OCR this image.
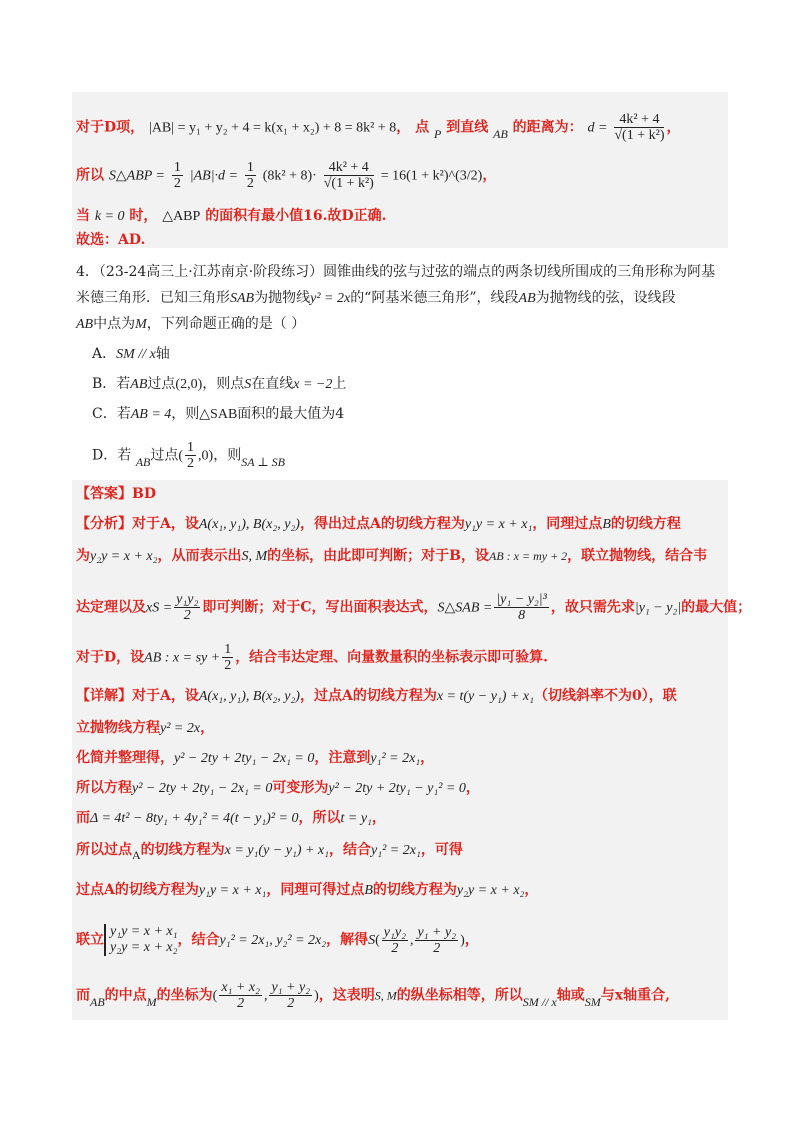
对于D项， |AB| = y₁ + y₂ + 4 = k(x₁ + x₂) + 8 = 8k² + 8， 点 P 到直线 AB 的距离为： $d = \frac{\text{4k² + 4}}{\text{√(1 + k²)}}$ ，
所以 S△ABP = $\frac{1}{2} |AB|\cdot d = \frac{1}{2} (8k^2 + 8)\cdot \frac{\text{4k² + 4}}{\text{√(1 + k²)}} = 16(1$ + k²)^(3/2)，
当 k = 0 时， △ABP 的面积有最小值16.故D正确.
故选：AD.
4．（23-24高三上·江苏南京·阶段练习）圆锥曲线的弦与过弦的端点的两条切线所围成的三角形称为阿基
米德三角形．已知三角形SAB为抛物线y² = 2x的“阿基米德三角形”，线段AB为抛物线的弦，设线段
AB中点为M，下列命题正确的是（ ）
A．SM // x轴
B．若AB过点(2,0)，则点S在直线x = −2上
C．若AB = 4，则△SAB面积的最大值为4
D．若 AB过点( $\frac{1}{2} ,0$)，则SA ⊥ SB
【答案】BD
【分析】对于A，设A(x₁, y₁), B(x₂, y₂)，得出过点A的切线方程为y₁y = x + x₁，同理过点B的切线方程
为y₂y = x + x₂，从而表示出S, M的坐标，由此即可判断；对于B，设AB : x = my + 2，联立抛物线，结合韦
达定理以及xS = $\frac{\text{y₁y₂}}{2}$ 即可判断；对于C，写出面积表达式，S△SAB = $\frac{\text{|y₁ − y₂|³}}{8}$ ，故只需先求|y₁ − y₂|的最大值；
对于D，设AB : x = sy + $\frac{1}{2}$ ，结合韦达定理、向量数量积的坐标表示即可验算.
【详解】对于A，设A(x₁, y₁), B(x₂, y₂)，过点A的切线方程为x = t(y − y₁) + x₁（切线斜率不为0），联
立抛物线方程y² = 2x，
化简并整理得，y² − 2ty + 2ty₁ − 2x₁ = 0，注意到y₁² = 2x₁，
所以方程y² − 2ty + 2ty₁ − 2x₁ = 0可变形为y² − 2ty + 2ty₁ − y₁² = 0，
而Δ = 4t² − 8ty₁ + 4y₁² = 4(t − y₁)² = 0，所以t = y₁，
所以过点A的切线方程为x = y₁(y − y₁) + x₁，结合y₁² = 2x₁，可得
过点A的切线方程为y₁y = x + x₁，同理可得过点B的切线方程为y₂y = x + x₂，
联立
y₁y = x + x₁
y₂y = x + x₂ ，结合y₁² = 2x₁, y₂² = 2x₂，解得$S( \frac{\text{y₁y₂}}{2}$ , $\frac{\text{y₁ + y₂}}{2}$ )，
而AB的中点M的坐标为( $\frac{\text{x₁ + x₂}}{2}$ , $\frac{\text{y₁ + y₂}}{2}$ )，这表明S, M的纵坐标相等，所以SM // x轴或SM与x轴重合,
